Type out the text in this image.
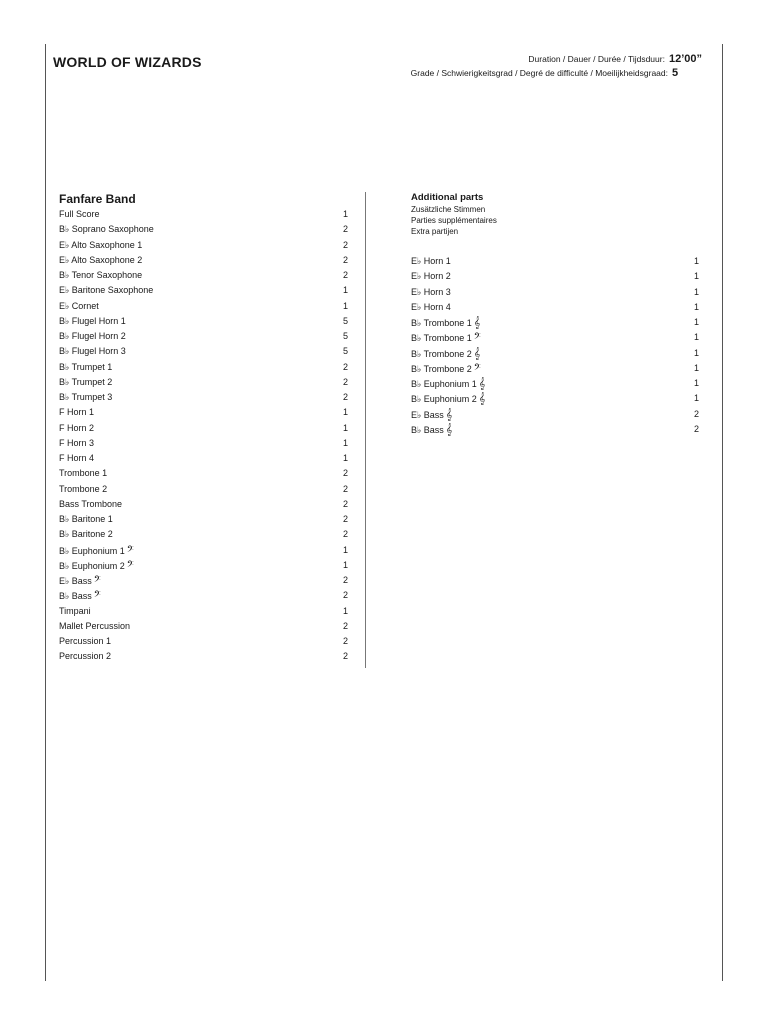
WORLD OF WIZARDS	Duration / Dauer / Durée / Tijdsduur: 12’00”
Grade / Schwierigkeitsgrad / Degré de difficulté / Moeilijkheidsgraad: 5
Fanfare Band
Full Score	1
B♭ Soprano Saxophone	2
E♭ Alto Saxophone 1	2
E♭ Alto Saxophone 2	2
B♭ Tenor Saxophone	2
E♭ Baritone Saxophone	1
E♭ Cornet	1
B♭ Flugel Horn 1	5
B♭ Flugel Horn 2	5
B♭ Flugel Horn 3	5
B♭ Trumpet 1	2
B♭ Trumpet 2	2
B♭ Trumpet 3	2
F Horn 1	1
F Horn 2	1
F Horn 3	1
F Horn 4	1
Trombone 1	2
Trombone 2	2
Bass Trombone	2
B♭ Baritone 1	2
B♭ Baritone 2	2
B♭ Euphonium 1 𝄢	1
B♭ Euphonium 2 𝄢	1
E♭ Bass 𝄢	2
B♭ Bass 𝄢	2
Timpani	1
Mallet Percussion	2
Percussion 1	2
Percussion 2	2
Additional parts
Zusätzliche Stimmen
Parties supplémentaires
Extra partijen
E♭ Horn 1	1
E♭ Horn 2	1
E♭ Horn 3	1
E♭ Horn 4	1
B♭ Trombone 1 𝄞	1
B♭ Trombone 1 𝄢	1
B♭ Trombone 2 𝄞	1
B♭ Trombone 2 𝄢	1
B♭ Euphonium 1 𝄞	1
B♭ Euphonium 2 𝄞	1
E♭ Bass 𝄞	2
B♭ Bass 𝄞	2
